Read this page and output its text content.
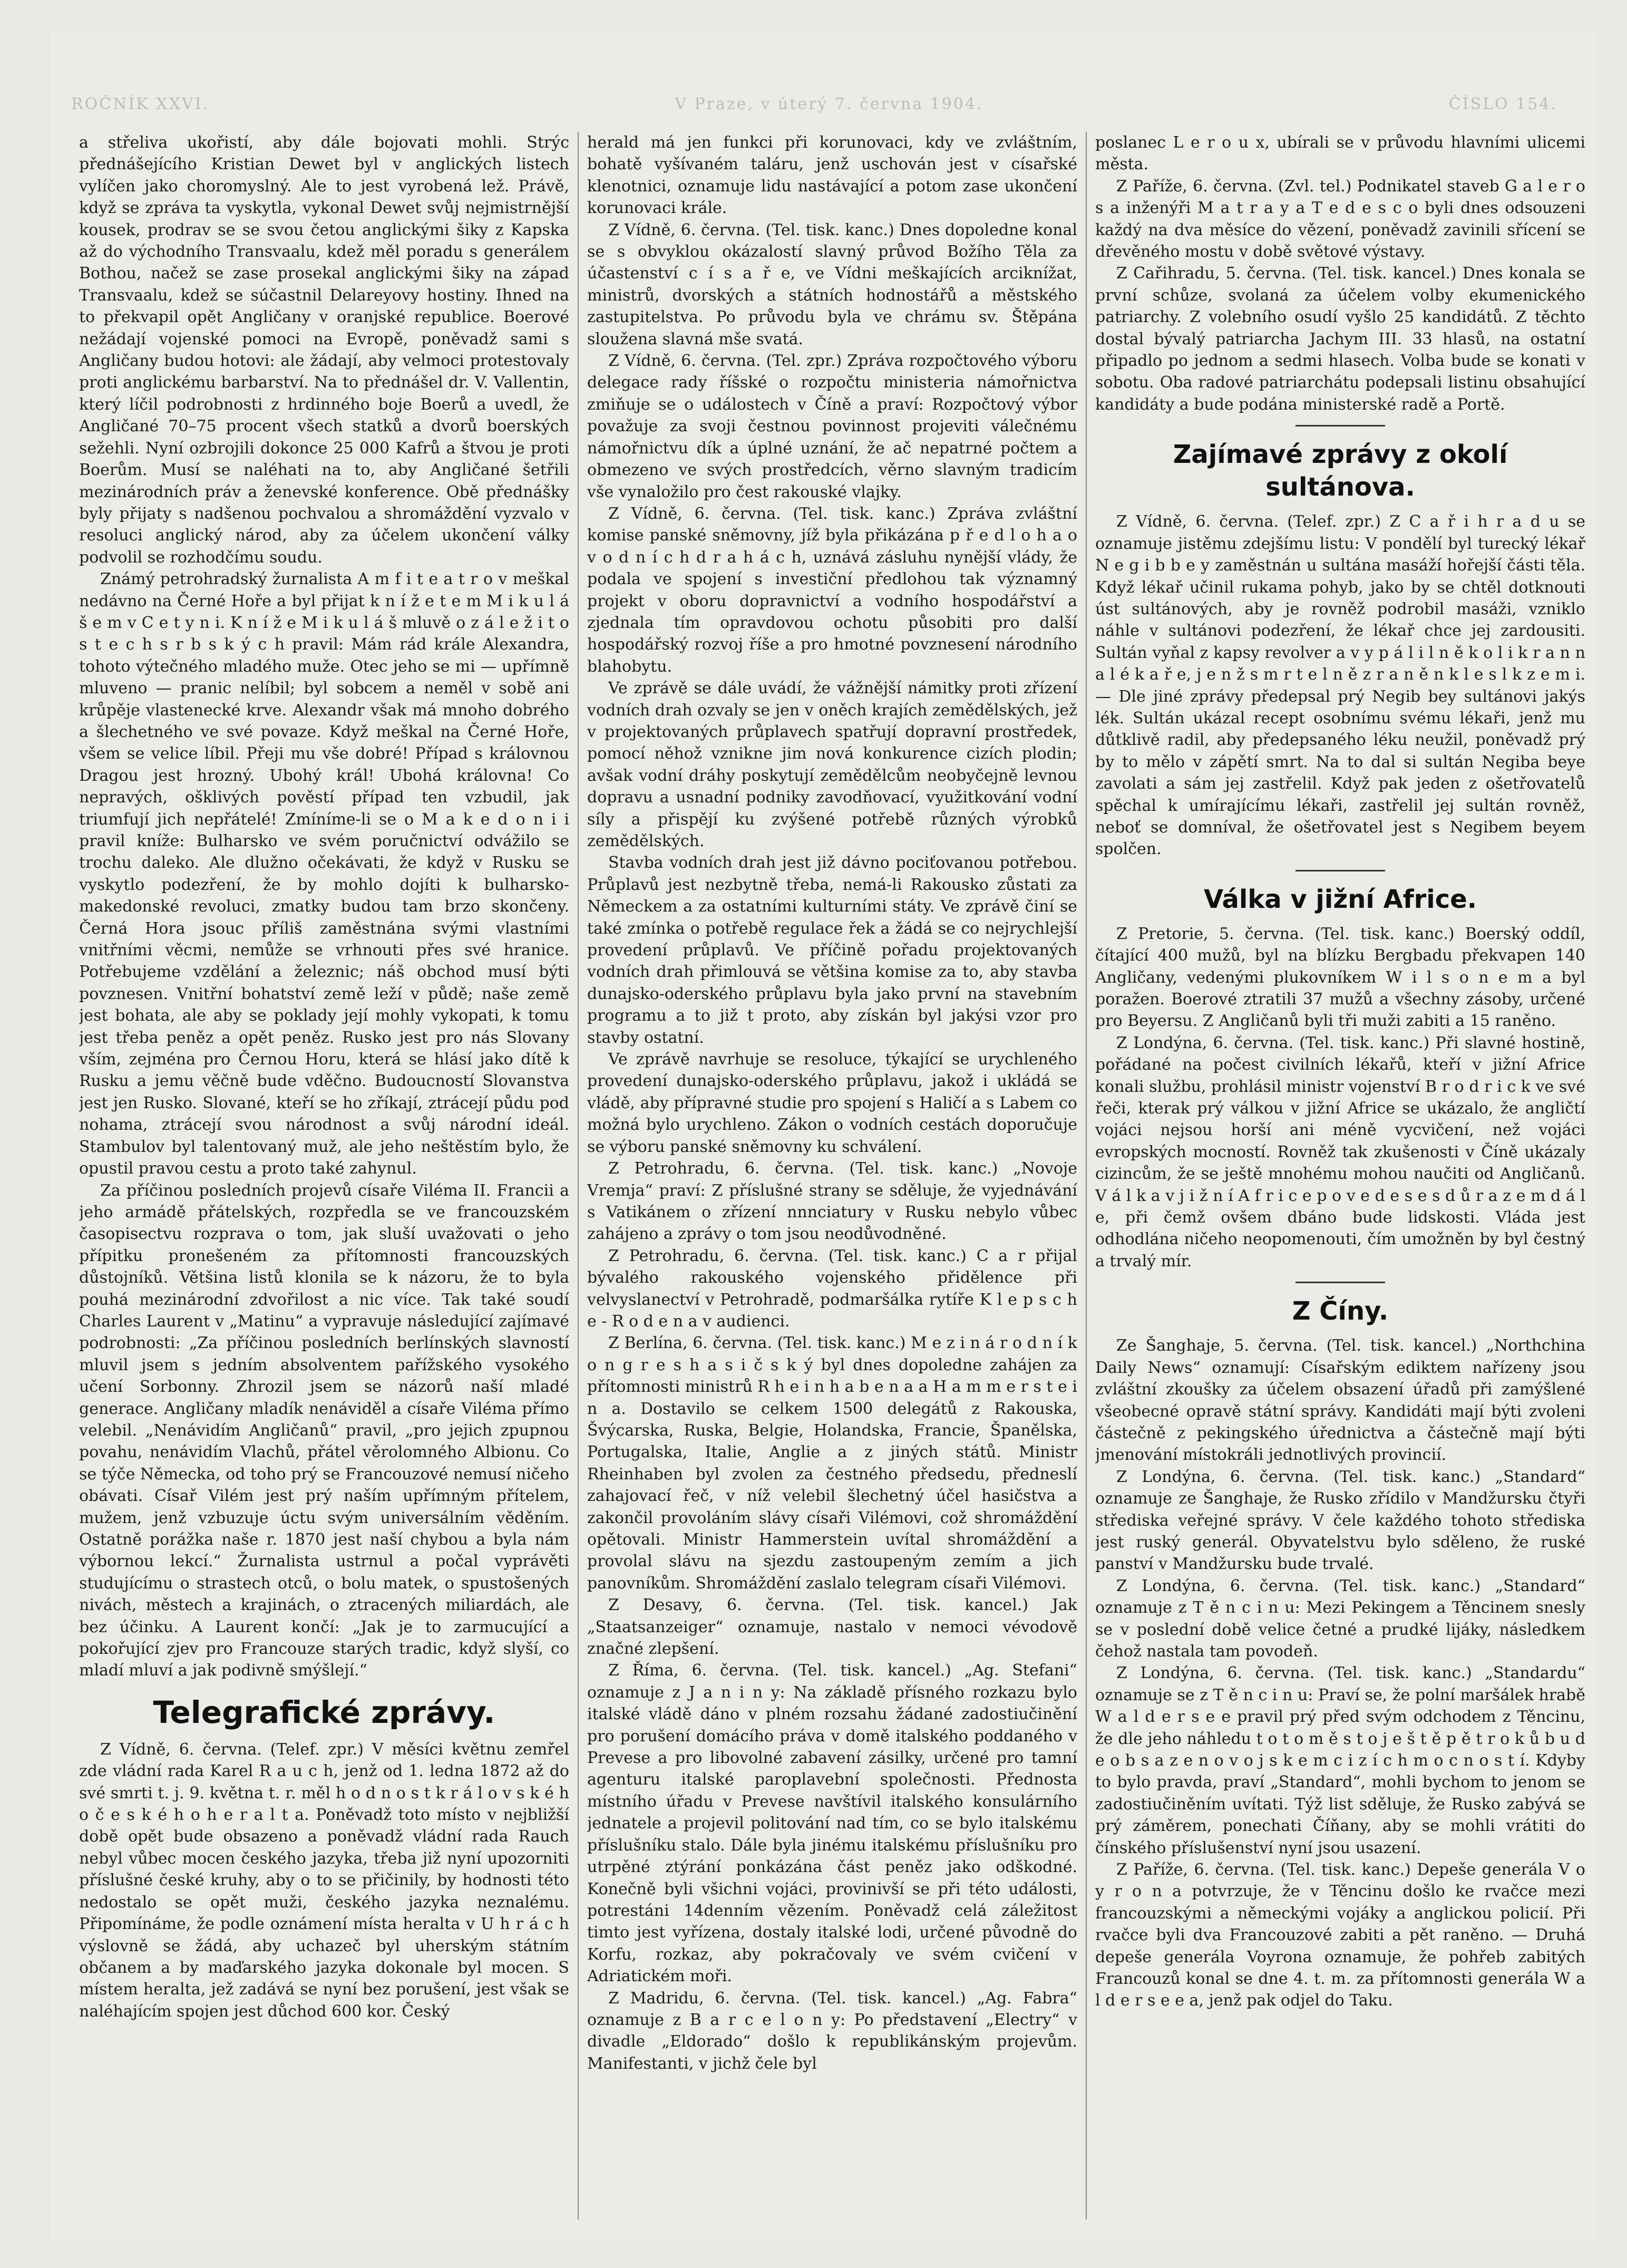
ROČNÍK XXVI.	V Praze, v úterý 7. června 1904.	ČÍSLO 154.

a střeliva ukořistí, aby dále bojovati mohli. Strýc přednášejícího Kristian Dewet byl v anglických listech vylíčen jako choromyslný. Ale to jest vyrobená lež. Právě, když se zpráva ta vyskytla, vykonal Dewet svůj nejmistrnější kousek, prodrav se se svou četou anglickými šiky z Kapska až do východního Transvaalu, kdež měl poradu s generálem Bothou, načež se zase prosekal anglickými šiky na západ Transvaalu, kdež se súčastnil Delareyovy hostiny. Ihned na to překvapil opět Angličany v oranjské republice. Boerové nežádají vojenské pomoci na Evropě, poněvadž sami s Angličany budou hotovi: ale žádají, aby velmoci protestovaly proti anglickému barbarství. Na to přednášel dr. V. Vallentin, který líčil podrobnosti z hrdinného boje Boerů a uvedl, že Angličané 70–75 procent všech statků a dvorů boerských sežehli. Nyní ozbrojili dokonce 25 000 Kafrů a štvou je proti Boerům. Musí se naléhati na to, aby Angličané šetřili mezinárodních práv a ženevské konference. Obě přednášky byly přijaty s nadšenou pochvalou a shromáždění vyzvalo v resoluci anglický národ, aby za účelem ukončení války podvolil se rozhodčímu soudu.

Známý petrohradský žurnalista A m f i t e a t r o v meškal nedávno na Černé Hoře a byl přijat k n í ž e t e m M i k u l á š e m v C e t y n i. K n í ž e M i k u l á š mluvě o z á l e ž i t o s t e c h s r b s k ý c h pravil: Mám rád krále Alexandra, tohoto výtečného mladého muže. Otec jeho se mi — upřímně mluveno — pranic nelíbil; byl sobcem a neměl v sobě ani krůpěje vlastenecké krve. Alexandr však má mnoho dobrého a šlechetného ve své povaze. Když meškal na Černé Hoře, všem se velice líbil. Přeji mu vše dobré! Případ s královnou Dragou jest hrozný. Ubohý král! Ubohá královna! Co nepravých, ošklivých pověstí případ ten vzbudil, jak triumfují jich nepřátelé! Zmíníme-li se o M a k e d o n i i pravil kníže: Bulharsko ve svém poručnictví odvážilo se trochu daleko. Ale dlužno očekávati, že když v Rusku se vyskytlo podezření, že by mohlo dojíti k bulharsko-makedonské revoluci, zmatky budou tam brzo skončeny. Černá Hora jsouc příliš zaměstnána svými vlastními vnitřními věcmi, nemůže se vrhnouti přes své hranice. Potřebujeme vzdělání a železnic; náš obchod musí býti povznesen. Vnitřní bohatství země leží v půdě; naše země jest bohata, ale aby se poklady její mohly vykopati, k tomu jest třeba peněz a opět peněz. Rusko jest pro nás Slovany vším, zejména pro Černou Horu, která se hlásí jako dítě k Rusku a jemu věčně bude vděčno. Budoucností Slovanstva jest jen Rusko. Slované, kteří se ho zříkají, ztrácejí půdu pod nohama, ztrácejí svou národnost a svůj národní ideál. Stambulov byl talentovaný muž, ale jeho neštěstím bylo, že opustil pravou cestu a proto také zahynul.

Za příčinou posledních projevů císaře Viléma II. Francii a jeho armádě přátelských, rozpředla se ve francouzském časopisectvu rozprava o tom, jak sluší uvažovati o jeho přípitku pronešeném za přítomnosti francouzských důstojníků. Většina listů klonila se k názoru, že to byla pouhá mezinárodní zdvořilost a nic více. Tak také soudí Charles Laurent v „Matinu“ a vypravuje následující zajímavé podrobnosti: „Za příčinou posledních berlínských slavností mluvil jsem s jedním absolventem pařížského vysokého učení Sorbonny. Zhrozil jsem se názorů naší mladé generace. Angličany mladík nenáviděl a císaře Viléma přímo velebil. „Nenávidím Angličanů“ pravil, „pro jejich zpupnou povahu, nenávidím Vlachů, přátel věrolomného Albionu. Co se týče Německa, od toho prý se Francouzové nemusí ničeho obávati. Císař Vilém jest prý naším upřímným přítelem, mužem, jenž vzbuzuje úctu svým universálním věděním. Ostatně porážka naše r. 1870 jest naší chybou a byla nám výbornou lekcí.“ Žurnalista ustrnul a počal vyprávěti studujícímu o strastech otců, o bolu matek, o spustošených nivách, městech a krajinách, o ztracených miliardách, ale bez účinku. A Laurent končí: „Jak je to zarmucující a pokořující zjev pro Francouze starých tradic, když slyší, co mladí mluví a jak podivně smýšlejí.“

Telegrafické zprávy.

Z Vídně, 6. června. (Telef. zpr.) V měsíci květnu zemřel zde vládní rada Karel R a u c h, jenž od 1. ledna 1872 až do své smrti t. j. 9. května t. r. měl h o d n o s t k r á l o v s k é h o č e s k é h o h e r a l t a. Poněvadž toto místo v nejbližší době opět bude obsazeno a poněvadž vládní rada Rauch nebyl vůbec mocen českého jazyka, třeba již nyní upozorniti příslušné české kruhy, aby o to se přičinily, by hodnosti této nedostalo se opět muži, českého jazyka neznalému. Připomínáme, že podle oznámení místa heralta v U h r á c h výslovně se žádá, aby uchazeč byl uherským státním občanem a by maďarského jazyka dokonale byl mocen. S místem heralta, jež zadává se nyní bez porušení, jest však se naléhajícím spojen jest důchod 600 kor. Český

herald má jen funkci při korunovaci, kdy ve zvláštním, bohatě vyšívaném taláru, jenž uschován jest v císařské klenotnici, oznamuje lidu nastávající a potom zase ukončení korunovaci krále.

Z Vídně, 6. června. (Tel. tisk. kanc.) Dnes dopoledne konal se s obvyklou okázalostí slavný průvod Božího Těla za účastenství c í s a ř e, ve Vídni meškajících arciknížat, ministrů, dvorských a státních hodnostářů a městského zastupitelstva. Po průvodu byla ve chrámu sv. Štěpána sloužena slavná mše svatá.

Z Vídně, 6. června. (Tel. zpr.) Zpráva rozpočtového výboru delegace rady říšské o rozpočtu ministeria námořnictva zmiňuje se o událostech v Číně a praví: Rozpočtový výbor považuje za svoji čestnou povinnost projeviti válečnému námořnictvu dík a úplné uznání, že ač nepatrné počtem a obmezeno ve svých prostředcích, věrno slavným tradicím vše vynaložilo pro čest rakouské vlajky.

Z Vídně, 6. června. (Tel. tisk. kanc.) Zpráva zvláštní komise panské sněmovny, jíž byla přikázána p ř e d l o h a o v o d n í c h d r a h á c h, uznává zásluhu nynější vlády, že podala ve spojení s investiční předlohou tak významný projekt v oboru dopravnictví a vodního hospodářství a zjednala tím opravdovou ochotu působiti pro další hospodářský rozvoj říše a pro hmotné povznesení národního blahobytu.

Ve zprávě se dále uvádí, že vážnější námitky proti zřízení vodních drah ozvaly se jen v oněch krajích zemědělských, jež v projektovaných průplavech spatřují dopravní prostředek, pomocí něhož vznikne jim nová konkurence cizích plodin; avšak vodní dráhy poskytují zemědělcům neobyčejně levnou dopravu a usnadní podniky zavodňovací, využitkování vodní síly a přispějí ku zvýšené potřebě různých výrobků zemědělských.

Stavba vodních drah jest již dávno pociťovanou potřebou. Průplavů jest nezbytně třeba, nemá-li Rakousko zůstati za Německem a za ostatními kulturními státy. Ve zprávě činí se také zmínka o potřebě regulace řek a žádá se co nejrychlejší provedení průplavů. Ve příčině pořadu projektovaných vodních drah přimlouvá se většina komise za to, aby stavba dunajsko-oderského průplavu byla jako první na stavebním programu a to již t proto, aby získán byl jakýsi vzor pro stavby ostatní.

Ve zprávě navrhuje se resoluce, týkající se urychleného provedení dunajsko-oderského průplavu, jakož i ukládá se vládě, aby přípravné studie pro spojení s Haličí a s Labem co možná bylo urychleno. Zákon o vodních cestách doporučuje se výboru panské sněmovny ku schválení.

Z Petrohradu, 6. června. (Tel. tisk. kanc.) „Novoje Vremja“ praví: Z příslušné strany se sděluje, že vyjednávání s Vatikánem o zřízení nnnciatury v Rusku nebylo vůbec zahájeno a zprávy o tom jsou neodůvodněné.

Z Petrohradu, 6. června. (Tel. tisk. kanc.) C a r přijal bývalého rakouského vojenského přidělence při velvyslanectví v Petrohradě, podmaršálka rytíře K l e p s c h e - R o d e n a v audienci.

Z Berlína, 6. června. (Tel. tisk. kanc.) M e z i n á r o d n í k o n g r e s h a s i č s k ý byl dnes dopoledne zahájen za přítomnosti ministrů R h e i n h a b e n a a H a m m e r s t e i n a. Dostavilo se celkem 1500 delegátů z Rakouska, Švýcarska, Ruska, Belgie, Holandska, Francie, Španělska, Portugalska, Italie, Anglie a z jiných států. Ministr Rheinhaben byl zvolen za čestného předsedu, předneslí zahajovací řeč, v níž velebil šlechetný účel hasičstva a zakončil provoláním slávy císaři Vilémovi, což shromáždění opětovali. Ministr Hammerstein uvítal shromáždění a provolal slávu na sjezdu zastoupeným zemím a jich panovníkům. Shromáždění zaslalo telegram císaři Vilémovi.

Z Desavy, 6. června. (Tel. tisk. kancel.) Jak „Staatsanzeiger“ oznamuje, nastalo v nemoci vévodově značné zlepšení.

Z Říma, 6. června. (Tel. tisk. kancel.) „Ag. Stefani“ oznamuje z J a n i n y: Na základě přísného rozkazu bylo italské vládě dáno v plném rozsahu žádané zadostiučinění pro porušení domácího práva v domě italského poddaného v Prevese a pro libovolné zabavení zásilky, určené pro tamní agenturu italské paroplavební společnosti. Přednosta místního úřadu v Prevese navštívil italského konsulárního jednatele a projevil politování nad tím, co se bylo italskému příslušníku stalo. Dále byla jinému italskému příslušníku pro utrpěné ztýrání ponkázána část peněz jako odškodné. Konečně byli všichni vojáci, provinivší se při této události, potrestáni 14denním vězením. Poněvadž celá záležitost timto jest vyřízena, dostaly italské lodi, určené původně do Korfu, rozkaz, aby pokračovaly ve svém cvičení v Adriatickém moři.

Z Madridu, 6. června. (Tel. tisk. kancel.) „Ag. Fabra“ oznamuje z B a r c e l o n y: Po představení „Electry“ v divadle „Eldorado“ došlo k republikánským projevům. Manifestanti, v jichž čele byl

poslanec L e r o u x, ubírali se v průvodu hlavními ulicemi města.

Z Paříže, 6. června. (Zvl. tel.) Podnikatel staveb G a l e r o s a inženýři M a t r a y a T e d e s c o byli dnes odsouzeni každý na dva měsíce do vězení, poněvadž zavinili sřícení se dřevěného mostu v době světové výstavy.

Z Cařihradu, 5. června. (Tel. tisk. kancel.) Dnes konala se první schůze, svolaná za účelem volby ekumenického patriarchy. Z volebního osudí vyšlo 25 kandidátů. Z těchto dostal bývalý patriarcha Jachym III. 33 hlasů, na ostatní připadlo po jednom a sedmi hlasech. Volba bude se konati v sobotu. Oba radové patriarchátu podepsali listinu obsahující kandidáty a bude podána ministerské radě a Portě.

Zajímavé zprávy z okolí sultánova.

Z Vídně, 6. června. (Telef. zpr.) Z C a ř i h r a d u se oznamuje jistěmu zdejšímu listu: V pondělí byl turecký lékař N e g i b b e y zaměstnán u sultána masáží hořejší části těla. Když lékař učinil rukama pohyb, jako by se chtěl dotknouti úst sultánových, aby je rovněž podrobil masáži, vzniklo náhle v sultánovi podezření, že lékař chce jej zardousiti. Sultán vyňal z kapsy revolver a v y p á l i l n ě k o l i k r a n n a l é k a ř e, j e n ž s m r t e l n ě z r a n ě n k l e s l k z e m i. — Dle jiné zprávy předepsal prý Negib bey sultánovi jakýs lék. Sultán ukázal recept osobnímu svému lékaři, jenž mu důtklivě radil, aby předepsaného léku neužil, poněvadž prý by to mělo v zápětí smrt. Na to dal si sultán Negiba beye zavolati a sám jej zastřelil. Když pak jeden z ošetřovatelů spěchal k umírajícímu lékaři, zastřelil jej sultán rovněž, neboť se domníval, že ošetřovatel jest s Negibem beyem spolčen.

Válka v jižní Africe.

Z Pretorie, 5. června. (Tel. tisk. kanc.) Boerský oddíl, čítající 400 mužů, byl na blízku Bergbadu překvapen 140 Angličany, vedenými plukovníkem W i l s o n e m a byl poražen. Boerové ztratili 37 mužů a všechny zásoby, určené pro Beyersu. Z Angličanů byli tři muži zabiti a 15 raněno.

Z Londýna, 6. června. (Tel. tisk. kanc.) Při slavné hostině, pořádané na počest civilních lékařů, kteří v jižní Africe konali službu, prohlásil ministr vojenství B r o d r i c k ve své řeči, kterak prý válkou v jižní Africe se ukázalo, že angličtí vojáci nejsou horší ani méně vycvičení, než vojáci evropských mocností. Rovněž tak zkušenosti v Číně ukázaly cizincům, že se ještě mnohému mohou naučiti od Angličanů. V á l k a v j i ž n í A f r i c e p o v e d e s e s d ů r a z e m d á l e, při čemž ovšem dbáno bude lidskosti. Vláda jest odhodlána ničeho neopomenouti, čím umožněn by byl čestný a trvalý mír.

Z Číny.

Ze Šanghaje, 5. června. (Tel. tisk. kancel.) „Northchina Daily News“ oznamují: Císařským ediktem nařízeny jsou zvláštní zkoušky za účelem obsazení úřadů při zamýšlené všeobecné opravě státní správy. Kandidáti mají býti zvoleni částečně z pekingského úřednictva a částečně mají býti jmenování místokráli jednotlivých provincií.

Z Londýna, 6. června. (Tel. tisk. kanc.) „Standard“ oznamuje ze Šanghaje, že Rusko zřídilo v Mandžursku čtyři střediska veřejné správy. V čele každého tohoto střediska jest ruský generál. Obyvatelstvu bylo sděleno, že ruské panství v Mandžursku bude trvalé.

Z Londýna, 6. června. (Tel. tisk. kanc.) „Standard“ oznamuje z T ě n c i n u: Mezi Pekingem a Těncinem snesly se v poslední době velice četné a prudké lijáky, následkem čehož nastala tam povodeň.

Z Londýna, 6. června. (Tel. tisk. kanc.) „Standardu“ oznamuje se z T ě n c i n u: Praví se, že polní maršálek hrabě W a l d e r s e e pravil prý před svým odchodem z Těncinu, že dle jeho náhledu t o t o m ě s t o j e š t ě p ě t r o k ů b u d e o b s a z e n o v o j s k e m c i z í c h m o c n o s t í. Kdyby to bylo pravda, praví „Standard“, mohli bychom to jenom se zadostiučiněním uvítati. Týž list sděluje, že Rusko zabývá se prý záměrem, ponechati Číňany, aby se mohli vrátiti do čínského příslušenství nyní jsou usazení.

Z Paříže, 6. června. (Tel. tisk. kanc.) Depeše generála V o y r o n a potvrzuje, že v Těncinu došlo ke rvačce mezi francouzskými a německými vojáky a anglickou policií. Při rvačce byli dva Francouzové zabiti a pět raněno. — Druhá depeše generála Voyrona oznamuje, že pohřeb zabitých Francouzů konal se dne 4. t. m. za přítomnosti generála W a l d e r s e e a, jenž pak odjel do Taku.
